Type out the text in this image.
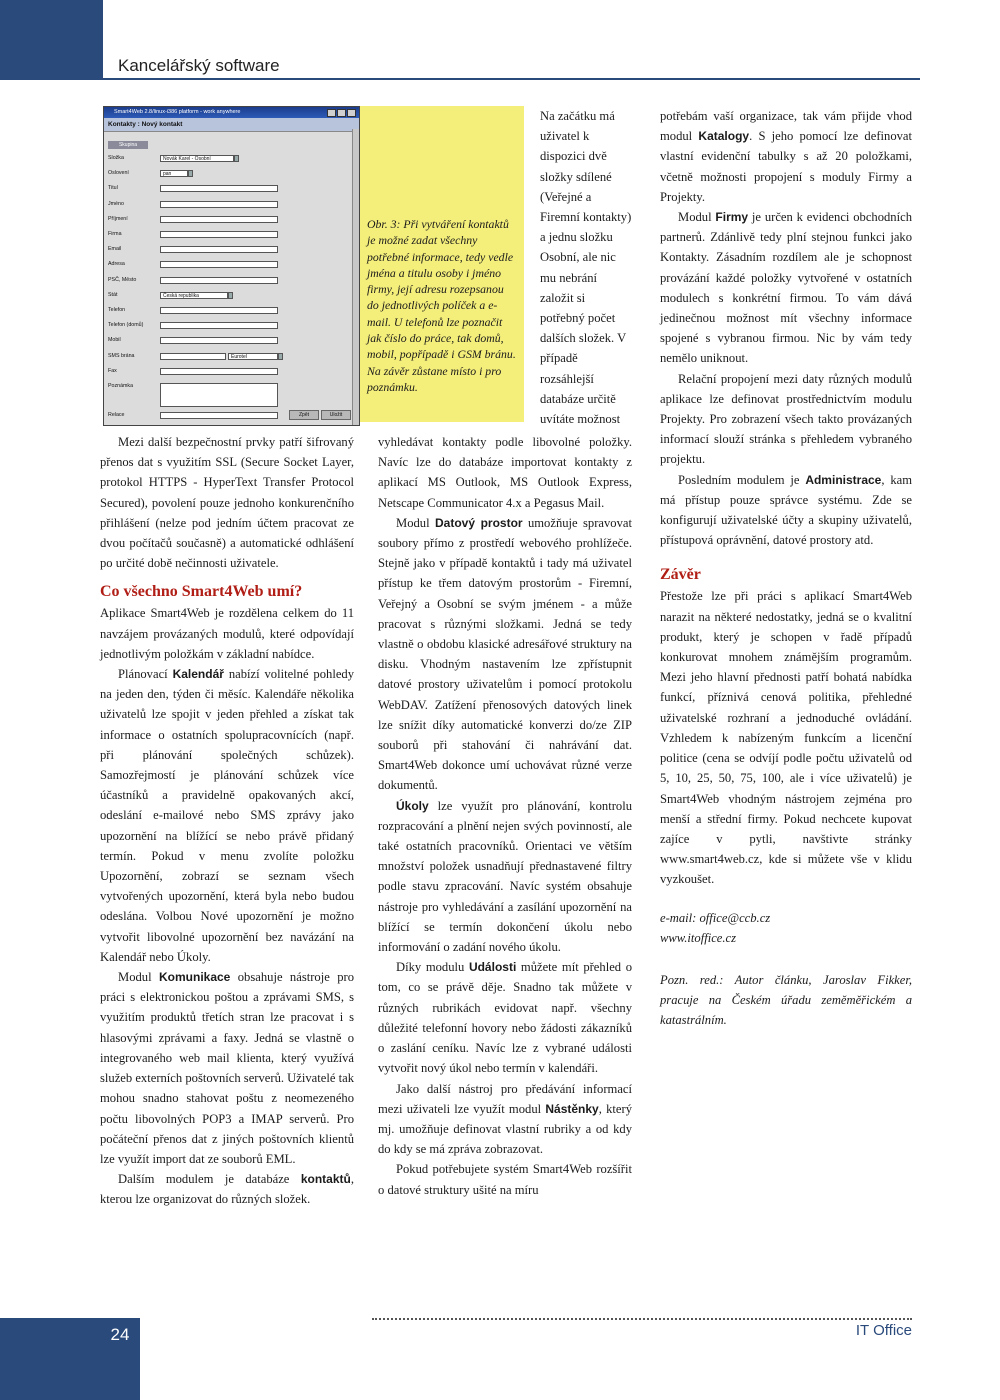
Kancelářský software
Smart4Web 2.8/linux-i386 platform - work anywhere
Kontakty : Nový kontakt
Skupina
Složka	Novák Karel - Osobní
Oslovení	pan
Titul
Jméno
Příjmení
Firma
Email
Adresa
PSČ, Město
Stát	Česká republika
Telefon
Telefon (domů)
Mobil
SMS brána	Eurotel
Fax
Poznámka
Relace	Zpět	Uložit
Obr. 3: Při vytváření kontaktů je možné zadat všechny potřebné informace, tedy vedle jména a titulu osoby i jméno firmy, její adresu rozepsanou do jednotlivých políček a e-mail. U telefonů lze poznačit jak číslo do práce, tak domů, mobil, popřípadě i GSM bránu. Na závěr zůstane místo i pro poznámku.

Mezi další bezpečnostní prvky patří šifrovaný přenos dat s využitím SSL (Secure Socket Layer, protokol HTTPS - HyperText Transfer Protocol Secured), povolení pouze jednoho konkurenčního přihlášení (nelze pod jedním účtem pracovat ze dvou počítačů současně) a automatické odhlášení po určité době nečinnosti uživatele.

Co všechno Smart4Web umí?

Aplikace Smart4Web je rozdělena celkem do 11 navzájem provázaných modulů, které odpovídají jednotlivým položkám v základní nabídce.

Plánovací Kalendář nabízí volitelné pohledy na jeden den, týden či měsíc. Kalendáře několika uživatelů lze spojit v jeden přehled a získat tak informace o ostatních spolupracovnících (např. při plánování společných schůzek). Samozřejmostí je plánování schůzek více účastníků a pravidelně opakovaných akcí, odeslání e-mailové nebo SMS zprávy jako upozornění na blížící se nebo právě přidaný termín. Pokud v menu zvolíte položku Upozornění, zobrazí se seznam všech vytvořených upozornění, která byla nebo budou odeslána. Volbou Nové upozornění je možno vytvořit libovolné upozornění bez navázání na Kalendář nebo Úkoly.

Modul Komunikace obsahuje nástroje pro práci s elektronickou poštou a zprávami SMS, s využitím produktů třetích stran lze pracovat i s hlasovými zprávami a faxy. Jedná se vlastně o integrovaného web mail klienta, který využívá služeb externích poštovních serverů. Uživatelé tak mohou snadno stahovat poštu z neomezeného počtu libovolných POP3 a IMAP serverů. Pro počáteční přenos dat z jiných poštovních klientů lze využít import dat ze souborů EML.

Dalším modulem je databáze kontaktů, kterou lze organizovat do různých složek.

Na začátku má uživatel k dispozici dvě složky sdílené (Veřejné a Firemní kontakty) a jednu složku Osobní, ale nic mu nebrání založit si potřebný počet dalších složek. V případě rozsáhlejší databáze určitě uvítáte možnost

vyhledávat kontakty podle libovolné položky. Navíc lze do databáze importovat kontakty z aplikací MS Outlook, MS Outlook Express, Netscape Communicator 4.x a Pegasus Mail.

Modul Datový prostor umožňuje spravovat soubory přímo z prostředí webového prohlížeče. Stejně jako v případě kontaktů i tady má uživatel přístup ke třem datovým prostorům - Firemní, Veřejný a Osobní se svým jménem - a může pracovat s různými složkami. Jedná se tedy vlastně o obdobu klasické adresářové struktury na disku. Vhodným nastavením lze zpřístupnit datové prostory uživatelům i pomocí protokolu WebDAV. Zatížení přenosových datových linek lze snížit díky automatické konverzi do/ze ZIP souborů při stahování či nahrávání dat. Smart4Web dokonce umí uchovávat různé verze dokumentů.

Úkoly lze využít pro plánování, kontrolu rozpracování a plnění nejen svých povinností, ale také ostatních pracovníků. Orientaci ve větším množství položek usnadňují přednastavené filtry podle stavu zpracování. Navíc systém obsahuje nástroje pro vyhledávání a zasílání upozornění na blížící se termín dokončení úkolu nebo informování o zadání nového úkolu.

Díky modulu Události můžete mít přehled o tom, co se právě děje. Snadno tak můžete v různých rubrikách evidovat např. všechny důležité telefonní hovory nebo žádosti zákazníků o zaslání ceníku. Navíc lze z vybrané události vytvořit nový úkol nebo termín v kalendáři.

Jako další nástroj pro předávání informací mezi uživateli lze využít modul Nástěnky, který mj. umožňuje definovat vlastní rubriky a od kdy do kdy se má zpráva zobrazovat.

Pokud potřebujete systém Smart4Web rozšířit o datové struktury ušité na míru

potřebám vaší organizace, tak vám přijde vhod modul Katalogy. S jeho pomocí lze definovat vlastní evidenční tabulky s až 20 položkami, včetně možnosti propojení s moduly Firmy a Projekty.

Modul Firmy je určen k evidenci obchodních partnerů. Zdánlivě tedy plní stejnou funkci jako Kontakty. Zásadním rozdílem ale je schopnost provázání každé položky vytvořené v ostatních modulech s konkrétní firmou. To vám dává jedinečnou možnost mít všechny informace spojené s vybranou firmou. Nic by vám tedy nemělo uniknout.

Relační propojení mezi daty různých modulů aplikace lze definovat prostřednictvím modulu Projekty. Pro zobrazení všech takto provázaných informací slouží stránka s přehledem vybraného projektu.

Posledním modulem je Administrace, kam má přístup pouze správce systému. Zde se konfigurují uživatelské účty a skupiny uživatelů, přístupová oprávnění, datové prostory atd.

Závěr

Přestože lze při práci s aplikací Smart4Web narazit na některé nedostatky, jedná se o kvalitní produkt, který je schopen v řadě případů konkurovat mnohem známějším programům. Mezi jeho hlavní přednosti patří bohatá nabídka funkcí, příznivá cenová politika, přehledné uživatelské rozhraní a jednoduché ovládání. Vzhledem k nabízeným funkcím a licenční politice (cena se odvíjí podle počtu uživatelů od 5, 10, 25, 50, 75, 100, ale i více uživatelů) je Smart4Web vhodným nástrojem zejména pro menší a střední firmy. Pokud nechcete kupovat zajíce v pytli, navštivte stránky www.smart4web.cz, kde si můžete vše v klidu vyzkoušet.

e-mail: office@ccb.cz

www.itoffice.cz

Pozn. red.: Autor článku, Jaroslav Fikker, pracuje na Českém úřadu zeměměřickém a katastrálním.

24	IT Office
